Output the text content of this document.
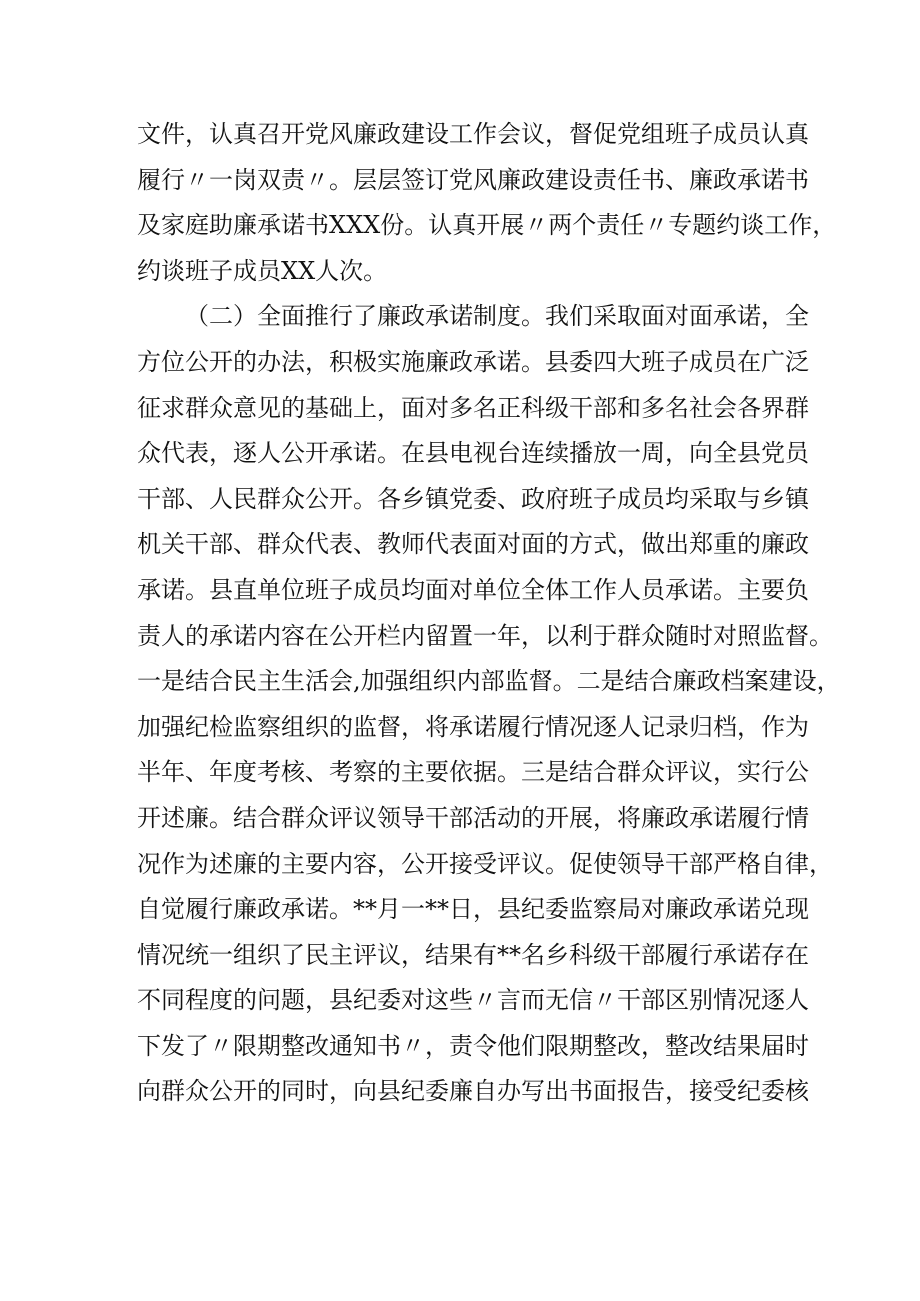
文件，认真召开党风廉政建设工作会议，督促党组班子成员认真
履行〃一岗双责〃。层层签订党风廉政建设责任书、廉政承诺书
及家庭助廉承诺书XXX份。认真开展〃两个责任〃专题约谈工作，
约谈班子成员XX人次。
（二）全面推行了廉政承诺制度。我们采取面对面承诺，全
方位公开的办法，积极实施廉政承诺。县委四大班子成员在广泛
征求群众意见的基础上，面对多名正科级干部和多名社会各界群
众代表，逐人公开承诺。在县电视台连续播放一周，向全县党员
干部、人民群众公开。各乡镇党委、政府班子成员均采取与乡镇
机关干部、群众代表、教师代表面对面的方式，做出郑重的廉政
承诺。县直单位班子成员均面对单位全体工作人员承诺。主要负
责人的承诺内容在公开栏内留置一年，以利于群众随时对照监督。
一是结合民主生活会,加强组织内部监督。二是结合廉政档案建设，
加强纪检监察组织的监督，将承诺履行情况逐人记录归档，作为
半年、年度考核、考察的主要依据。三是结合群众评议，实行公
开述廉。结合群众评议领导干部活动的开展，将廉政承诺履行情
况作为述廉的主要内容，公开接受评议。促使领导干部严格自律，
自觉履行廉政承诺。**月一**日，县纪委监察局对廉政承诺兑现
情况统一组织了民主评议，结果有**名乡科级干部履行承诺存在
不同程度的问题，县纪委对这些〃言而无信〃干部区别情况逐人
下发了〃限期整改通知书〃，责令他们限期整改，整改结果届时
向群众公开的同时，向县纪委廉自办写出书面报告，接受纪委核
